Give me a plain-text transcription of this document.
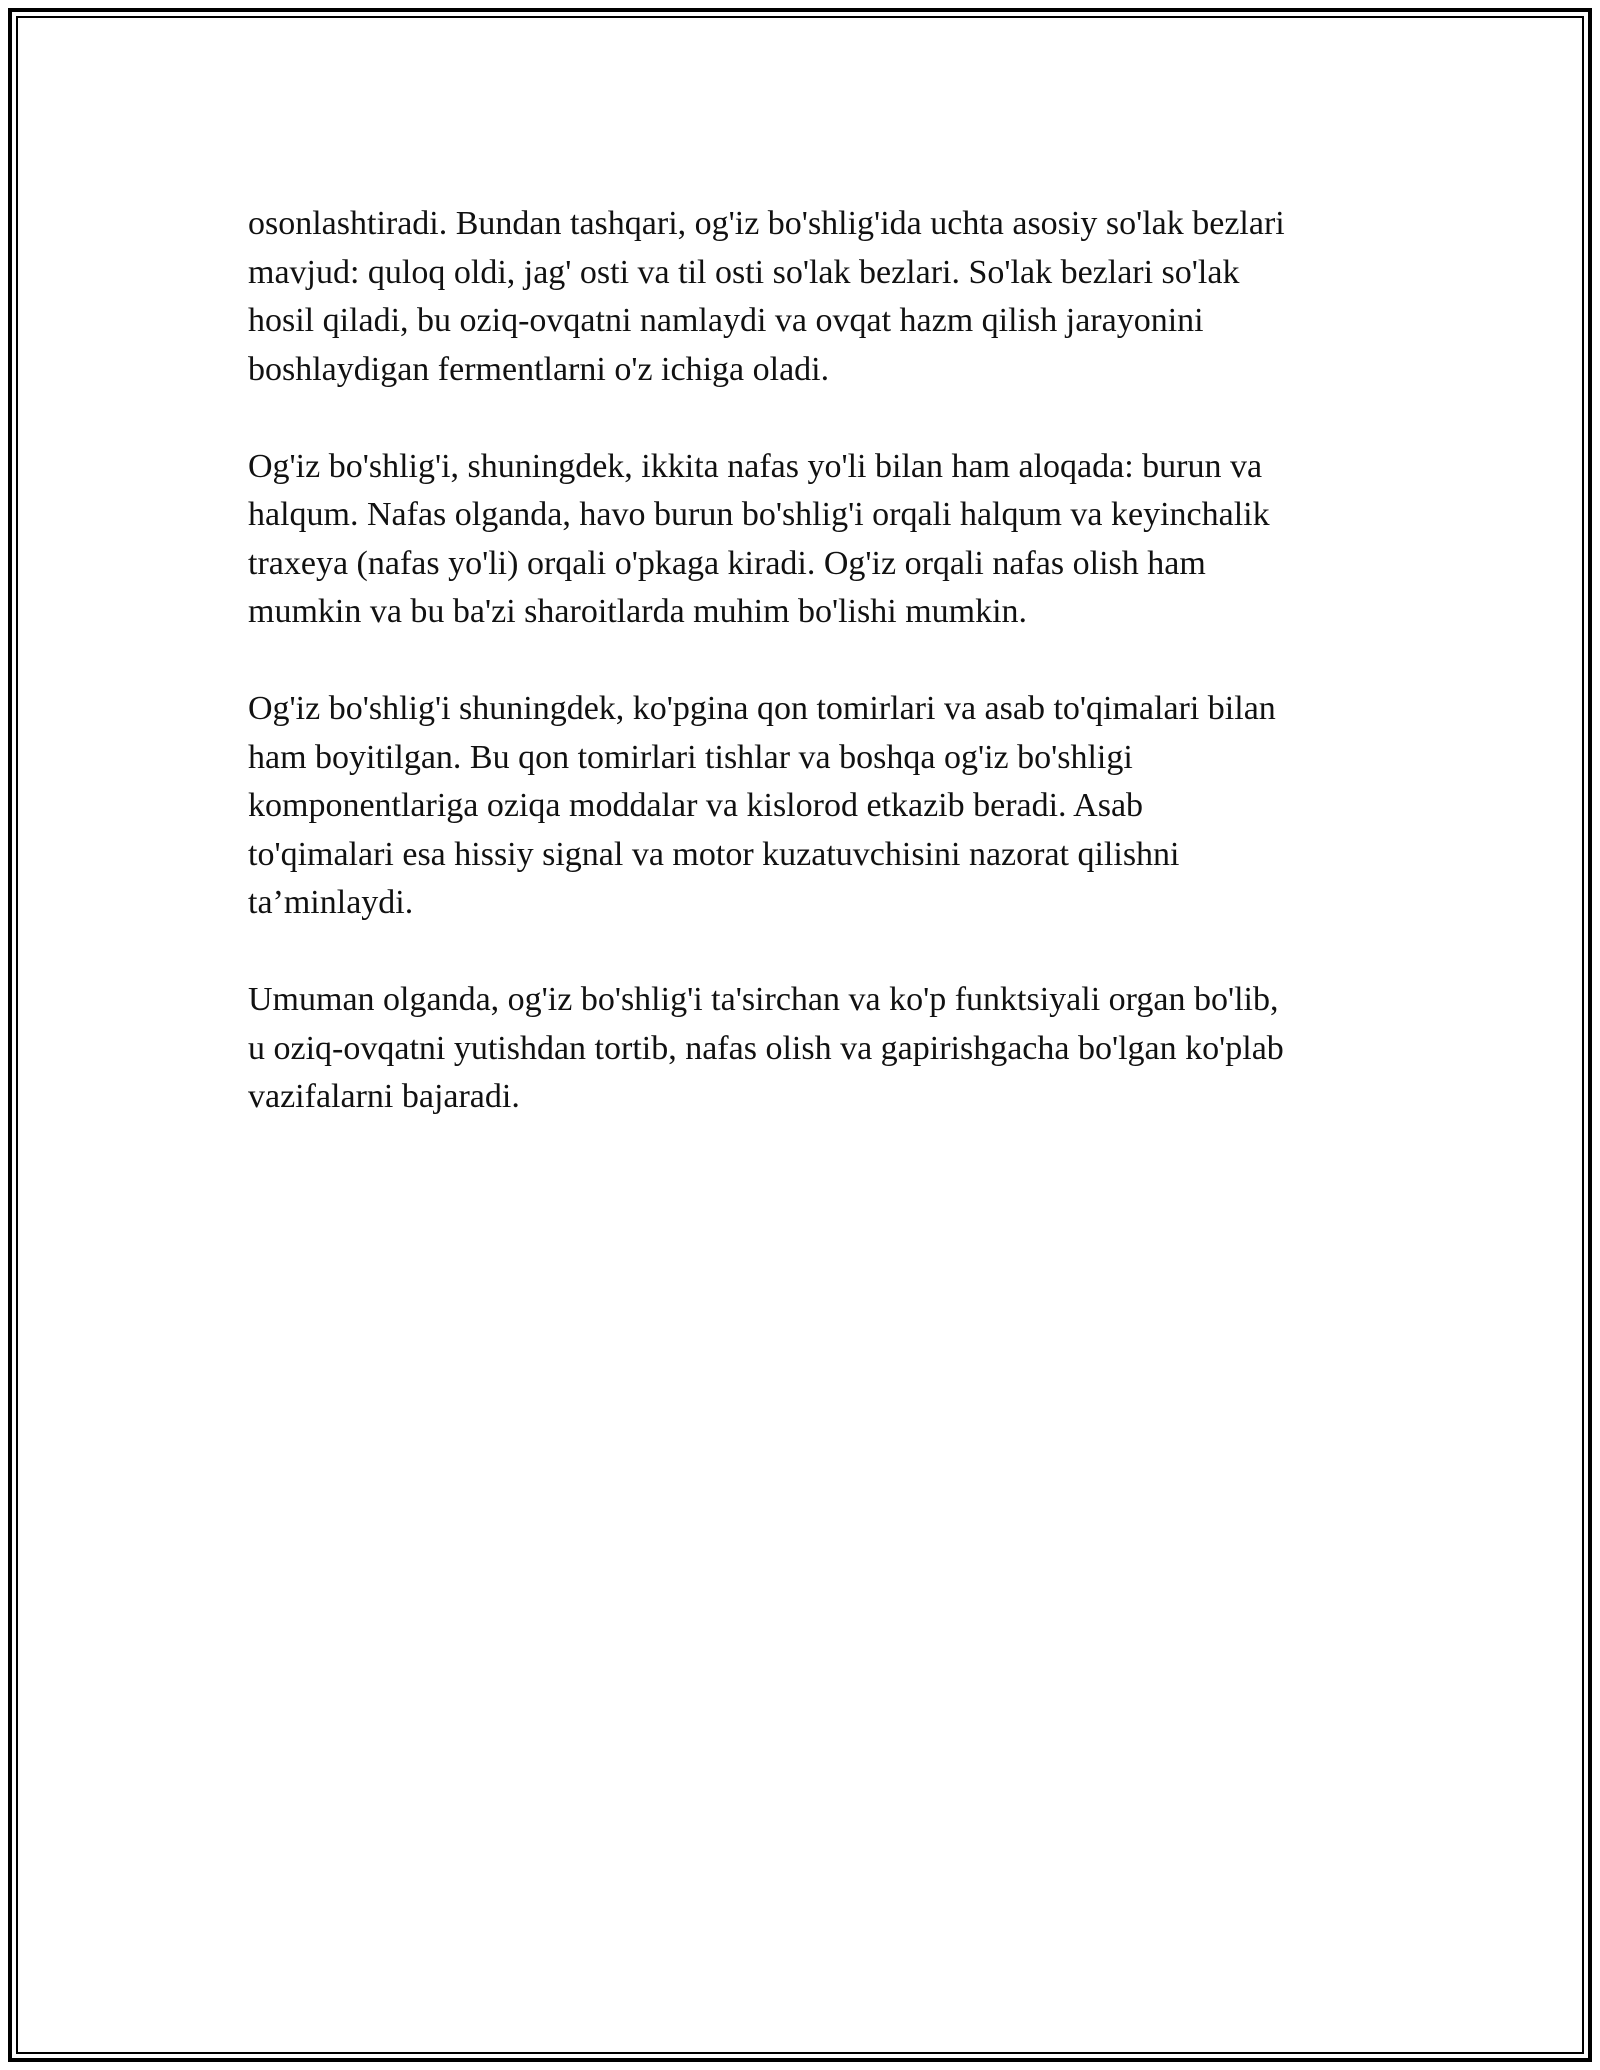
osonlashtiradi. Bundan tashqari, og'iz bo'shlig'ida uchta asosiy so'lak bezlari
mavjud: quloq oldi, jag' osti va til osti so'lak bezlari. So'lak bezlari so'lak
hosil qiladi, bu oziq-ovqatni namlaydi va ovqat hazm qilish jarayonini
boshlaydigan fermentlarni o'z ichiga oladi.

Og'iz bo'shlig'i, shuningdek, ikkita nafas yo'li bilan ham aloqada: burun va
halqum. Nafas olganda, havo burun bo'shlig'i orqali halqum va keyinchalik
traxeya (nafas yo'li) orqali o'pkaga kiradi. Og'iz orqali nafas olish ham
mumkin va bu ba'zi sharoitlarda muhim bo'lishi mumkin.

Og'iz bo'shlig'i shuningdek, ko'pgina qon tomirlari va asab to'qimalari bilan
ham boyitilgan. Bu qon tomirlari tishlar va boshqa og'iz bo'shligi
komponentlariga oziqa moddalar va kislorod etkazib beradi. Asab
to'qimalari esa hissiy signal va motor kuzatuvchisini nazorat qilishni
ta’minlaydi.

Umuman olganda, og'iz bo'shlig'i ta'sirchan va ko'p funktsiyali organ bo'lib,
u oziq-ovqatni yutishdan tortib, nafas olish va gapirishgacha bo'lgan ko'plab
vazifalarni bajaradi.
